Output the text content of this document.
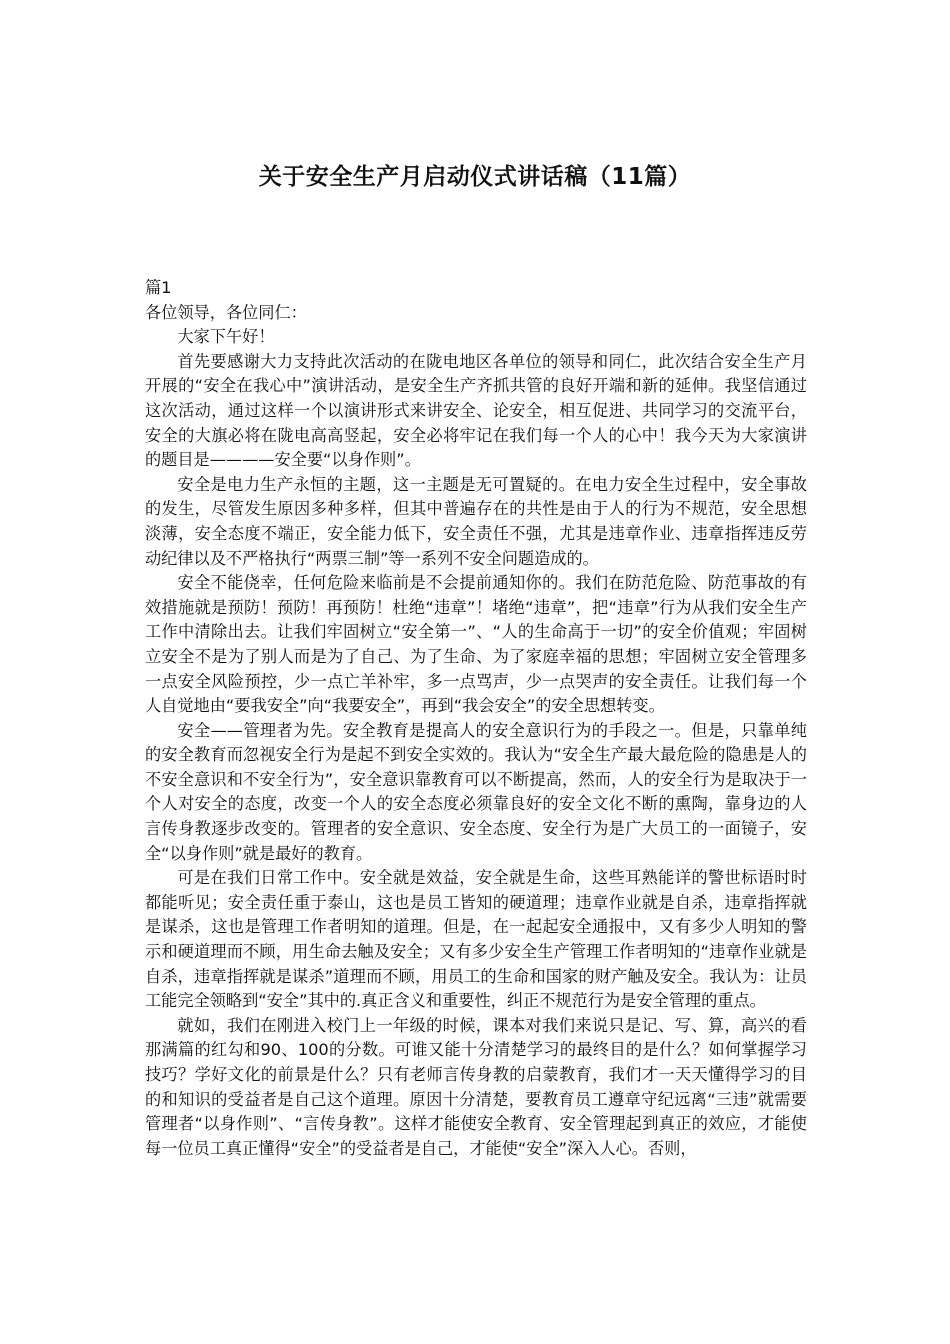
关于安全生产月启动仪式讲话稿（11篇）

篇1

各位领导，各位同仁：

大家下午好！

首先要感谢大力支持此次活动的在陇电地区各单位的领导和同仁，此次结合安全生产月开展的“安全在我心中”演讲活动，是安全生产齐抓共管的良好开端和新的延伸。我坚信通过这次活动，通过这样一个以演讲形式来讲安全、论安全，相互促进、共同学习的交流平台，安全的大旗必将在陇电高高竖起，安全必将牢记在我们每一个人的心中！我今天为大家演讲的题目是————安全要“以身作则”。

安全是电力生产永恒的主题，这一主题是无可置疑的。在电力安全生过程中，安全事故的发生，尽管发生原因多种多样，但其中普遍存在的共性是由于人的行为不规范，安全思想淡薄，安全态度不端正，安全能力低下，安全责任不强，尤其是违章作业、违章指挥违反劳动纪律以及不严格执行“两票三制”等一系列不安全问题造成的。

安全不能侥幸，任何危险来临前是不会提前通知你的。我们在防范危险、防范事故的有效措施就是预防！预防！再预防！杜绝“违章”！堵绝“违章”，把“违章”行为从我们安全生产工作中清除出去。让我们牢固树立“安全第一”、“人的生命高于一切”的安全价值观；牢固树立安全不是为了别人而是为了自己、为了生命、为了家庭幸福的思想；牢固树立安全管理多一点安全风险预控，少一点亡羊补牢，多一点骂声，少一点哭声的安全责任。让我们每一个人自觉地由“要我安全”向“我要安全”，再到“我会安全”的安全思想转变。

安全——管理者为先。安全教育是提高人的安全意识行为的手段之一。但是，只靠单纯的安全教育而忽视安全行为是起不到安全实效的。我认为“安全生产最大最危险的隐患是人的不安全意识和不安全行为”，安全意识靠教育可以不断提高，然而，人的安全行为是取决于一个人对安全的态度，改变一个人的安全态度必须靠良好的安全文化不断的熏陶，靠身边的人言传身教逐步改变的。管理者的安全意识、安全态度、安全行为是广大员工的一面镜子，安全“以身作则”就是最好的教育。

可是在我们日常工作中。安全就是效益，安全就是生命，这些耳熟能详的警世标语时时都能听见；安全责任重于泰山，这也是员工皆知的硬道理；违章作业就是自杀，违章指挥就是谋杀，这也是管理工作者明知的道理。但是，在一起起安全通报中，又有多少人明知的警示和硬道理而不顾，用生命去触及安全；又有多少安全生产管理工作者明知的“违章作业就是自杀，违章指挥就是谋杀”道理而不顾，用员工的生命和国家的财产触及安全。我认为：让员工能完全领略到“安全”其中的.真正含义和重要性，纠正不规范行为是安全管理的重点。

就如，我们在刚进入校门上一年级的时候，课本对我们来说只是记、写、算，高兴的看那满篇的红勾和90、100的分数。可谁又能十分清楚学习的最终目的是什么？如何掌握学习技巧？学好文化的前景是什么？只有老师言传身教的启蒙教育，我们才一天天懂得学习的目的和知识的受益者是自己这个道理。原因十分清楚，要教育员工遵章守纪远离“三违”就需要管理者“以身作则”、“言传身教”。这样才能使安全教育、安全管理起到真正的效应，才能使每一位员工真正懂得“安全”的受益者是自己，才能使“安全”深入人心。否则，
